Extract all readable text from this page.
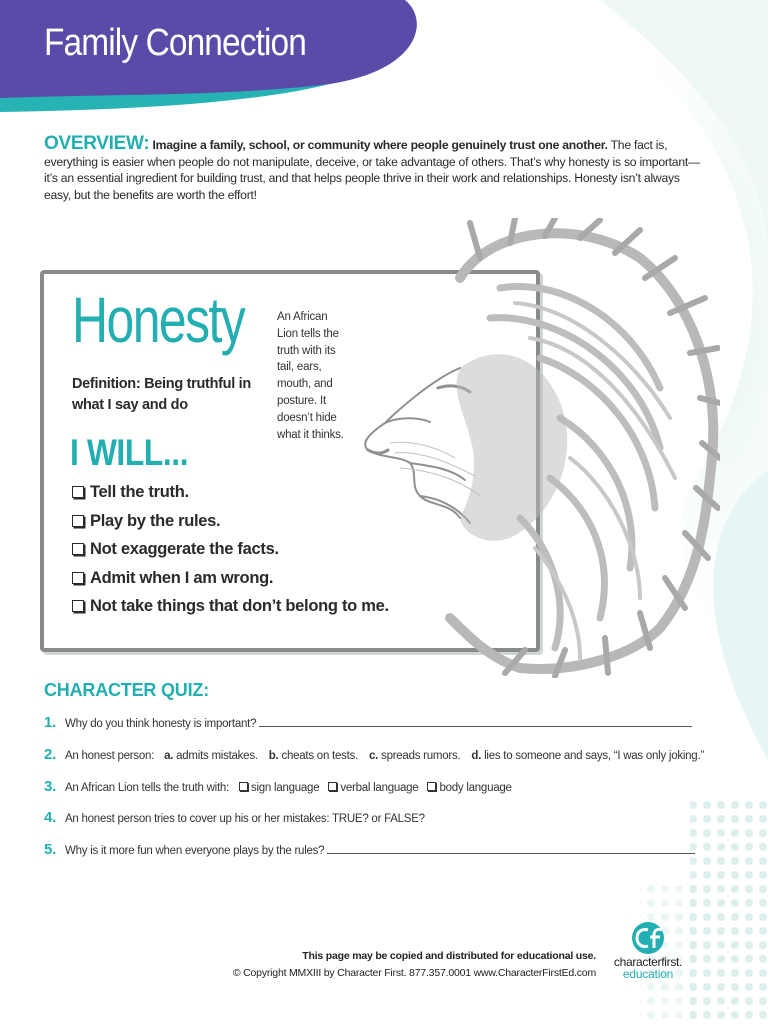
Family Connection
OVERVIEW: Imagine a family, school, or community where people genuinely trust one another. The fact is, everything is easier when people do not manipulate, deceive, or take advantage of others. That’s why honesty is so important—it’s an essential ingredient for building trust, and that helps people thrive in their work and relationships. Honesty isn’t always easy, but the benefits are worth the effort!
Honesty
Definition: Being truthful in what I say and do
I WILL...
Tell the truth.
Play by the rules.
Not exaggerate the facts.
Admit when I am wrong.
Not take things that don’t belong to me.
An African Lion tells the truth with its tail, ears, mouth, and posture. It doesn’t hide what it thinks.
CHARACTER QUIZ:
1. Why do you think honesty is important?
2. An honest person: a.
admits mistakes. b.
cheats on tests. c.
spreads rumors. d.
lies to someone and says, “I was only joking.”
3. An African Lion tells the truth with:	sign language	verbal language	body language
4. An honest person tries to cover up his or her mistakes: TRUE? or FALSE?
5. Why is it more fun when everyone plays by the rules?
This page may be copied and distributed for educational use.
© Copyright MMXIII by Character First. 877.357.0001 www.CharacterFirstEd.com
characterfirst.
education
